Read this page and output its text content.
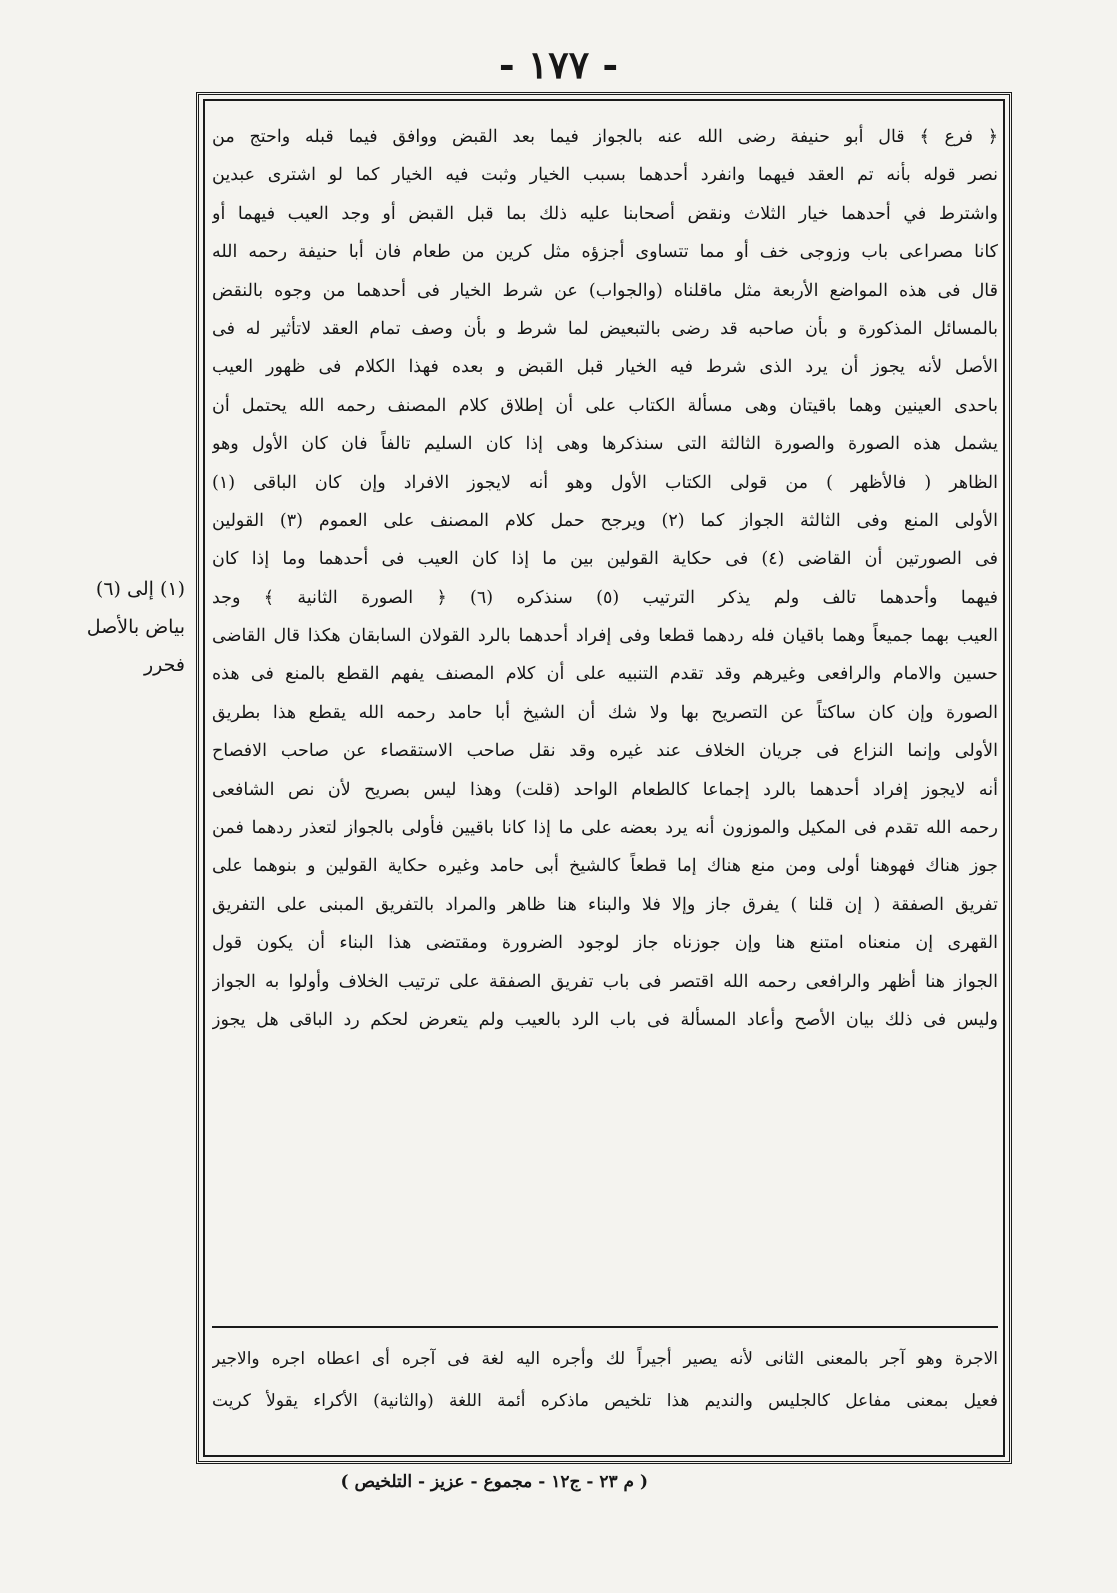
- ١٧٧ -
﴿ فرع ﴾ قال أبو حنيفة رضى الله عنه بالجواز فيما بعد القبض ووافق فيما قبله واحتج من
نصر قوله بأنه تم العقد فيهما وانفرد أحدهما بسبب الخيار وثبت فيه الخيار كما لو اشترى عبدين
واشترط في أحدهما خيار الثلاث ونقض أصحابنا عليه ذلك بما قبل القبض أو وجد العيب فيهما أو
كانا مصراعى باب وزوجى خف أو مما تتساوى أجزؤه مثل كرين من طعام فان أبا حنيفة رحمه الله
قال فى هذه المواضع الأربعة مثل ماقلناه (والجواب) عن شرط الخيار فى أحدهما من وجوه بالنقض
بالمسائل المذكورة و بأن صاحبه قد رضى بالتبعيض لما شرط و بأن وصف تمام العقد لاتأثير له فى
الأصل لأنه يجوز أن يرد الذى شرط فيه الخيار قبل القبض و بعده فهذا الكلام فى ظهور العيب
باحدى العينين وهما باقيتان وهى مسألة الكتاب على أن إطلاق كلام المصنف رحمه الله يحتمل أن
يشمل هذه الصورة والصورة الثالثة التى سنذكرها وهى إذا كان السليم تالفاً فان كان الأول وهو
الظاهر ( فالأظهر ) من قولى الكتاب الأول وهو أنه لايجوز الافراد وإن كان الباقى (١)
الأولى المنع وفى الثالثة الجواز كما (٢) ويرجح حمل كلام المصنف على العموم (٣) القولين
فى الصورتين أن القاضى (٤) فى حكاية القولين بين ما إذا كان العيب فى أحدهما وما إذا كان
فيهما وأحدهما تالف ولم يذكر الترتيب (٥) سنذكره (٦) ﴿ الصورة الثانية ﴾ وجد
العيب بهما جميعاً وهما باقيان فله ردهما قطعا وفى إفراد أحدهما بالرد القولان السابقان هكذا قال القاضى
حسين والامام والرافعى وغيرهم وقد تقدم التنبيه على أن كلام المصنف يفهم القطع بالمنع فى هذه
الصورة وإن كان ساكتاً عن التصريح بها ولا شك أن الشيخ أبا حامد رحمه الله يقطع هذا بطريق
الأولى وإنما النزاع فى جريان الخلاف عند غيره وقد نقل صاحب الاستقصاء عن صاحب الافصاح
أنه لايجوز إفراد أحدهما بالرد إجماعا كالطعام الواحد (قلت) وهذا ليس بصريح لأن نص الشافعى
رحمه الله تقدم فى المكيل والموزون أنه يرد بعضه على ما إذا كانا باقيين فأولى بالجواز لتعذر ردهما فمن
جوز هناك فهوهنا أولى ومن منع هناك إما قطعاً كالشيخ أبى حامد وغيره حكاية القولين و بنوهما على
تفريق الصفقة ( إن قلنا ) يفرق جاز وإلا فلا والبناء هنا ظاهر والمراد بالتفريق المبنى على التفريق
القهرى إن منعناه امتنع هنا وإن جوزناه جاز لوجود الضرورة ومقتضى هذا البناء أن يكون قول
الجواز هنا أظهر والرافعى رحمه الله اقتصر فى باب تفريق الصفقة على ترتيب الخلاف وأولوا به الجواز
وليس فى ذلك بيان الأصح وأعاد المسألة فى باب الرد بالعيب ولم يتعرض لحكم رد الباقى هل يجوز
الاجرة وهو آجر بالمعنى الثانى لأنه يصير أجيراً لك وأجره اليه لغة فى آجره أى اعطاه اجره والاجير
فعيل بمعنى مفاعل كالجليس والنديم هذا تلخيص ماذكره أئمة اللغة (والثانية) الأكراء يقولأ كريت
(١) إلى (٦)
بياض بالأصل
فحرر
( م ٢٣ - ج١٢ - مجموع - عزيز - التلخيص )
